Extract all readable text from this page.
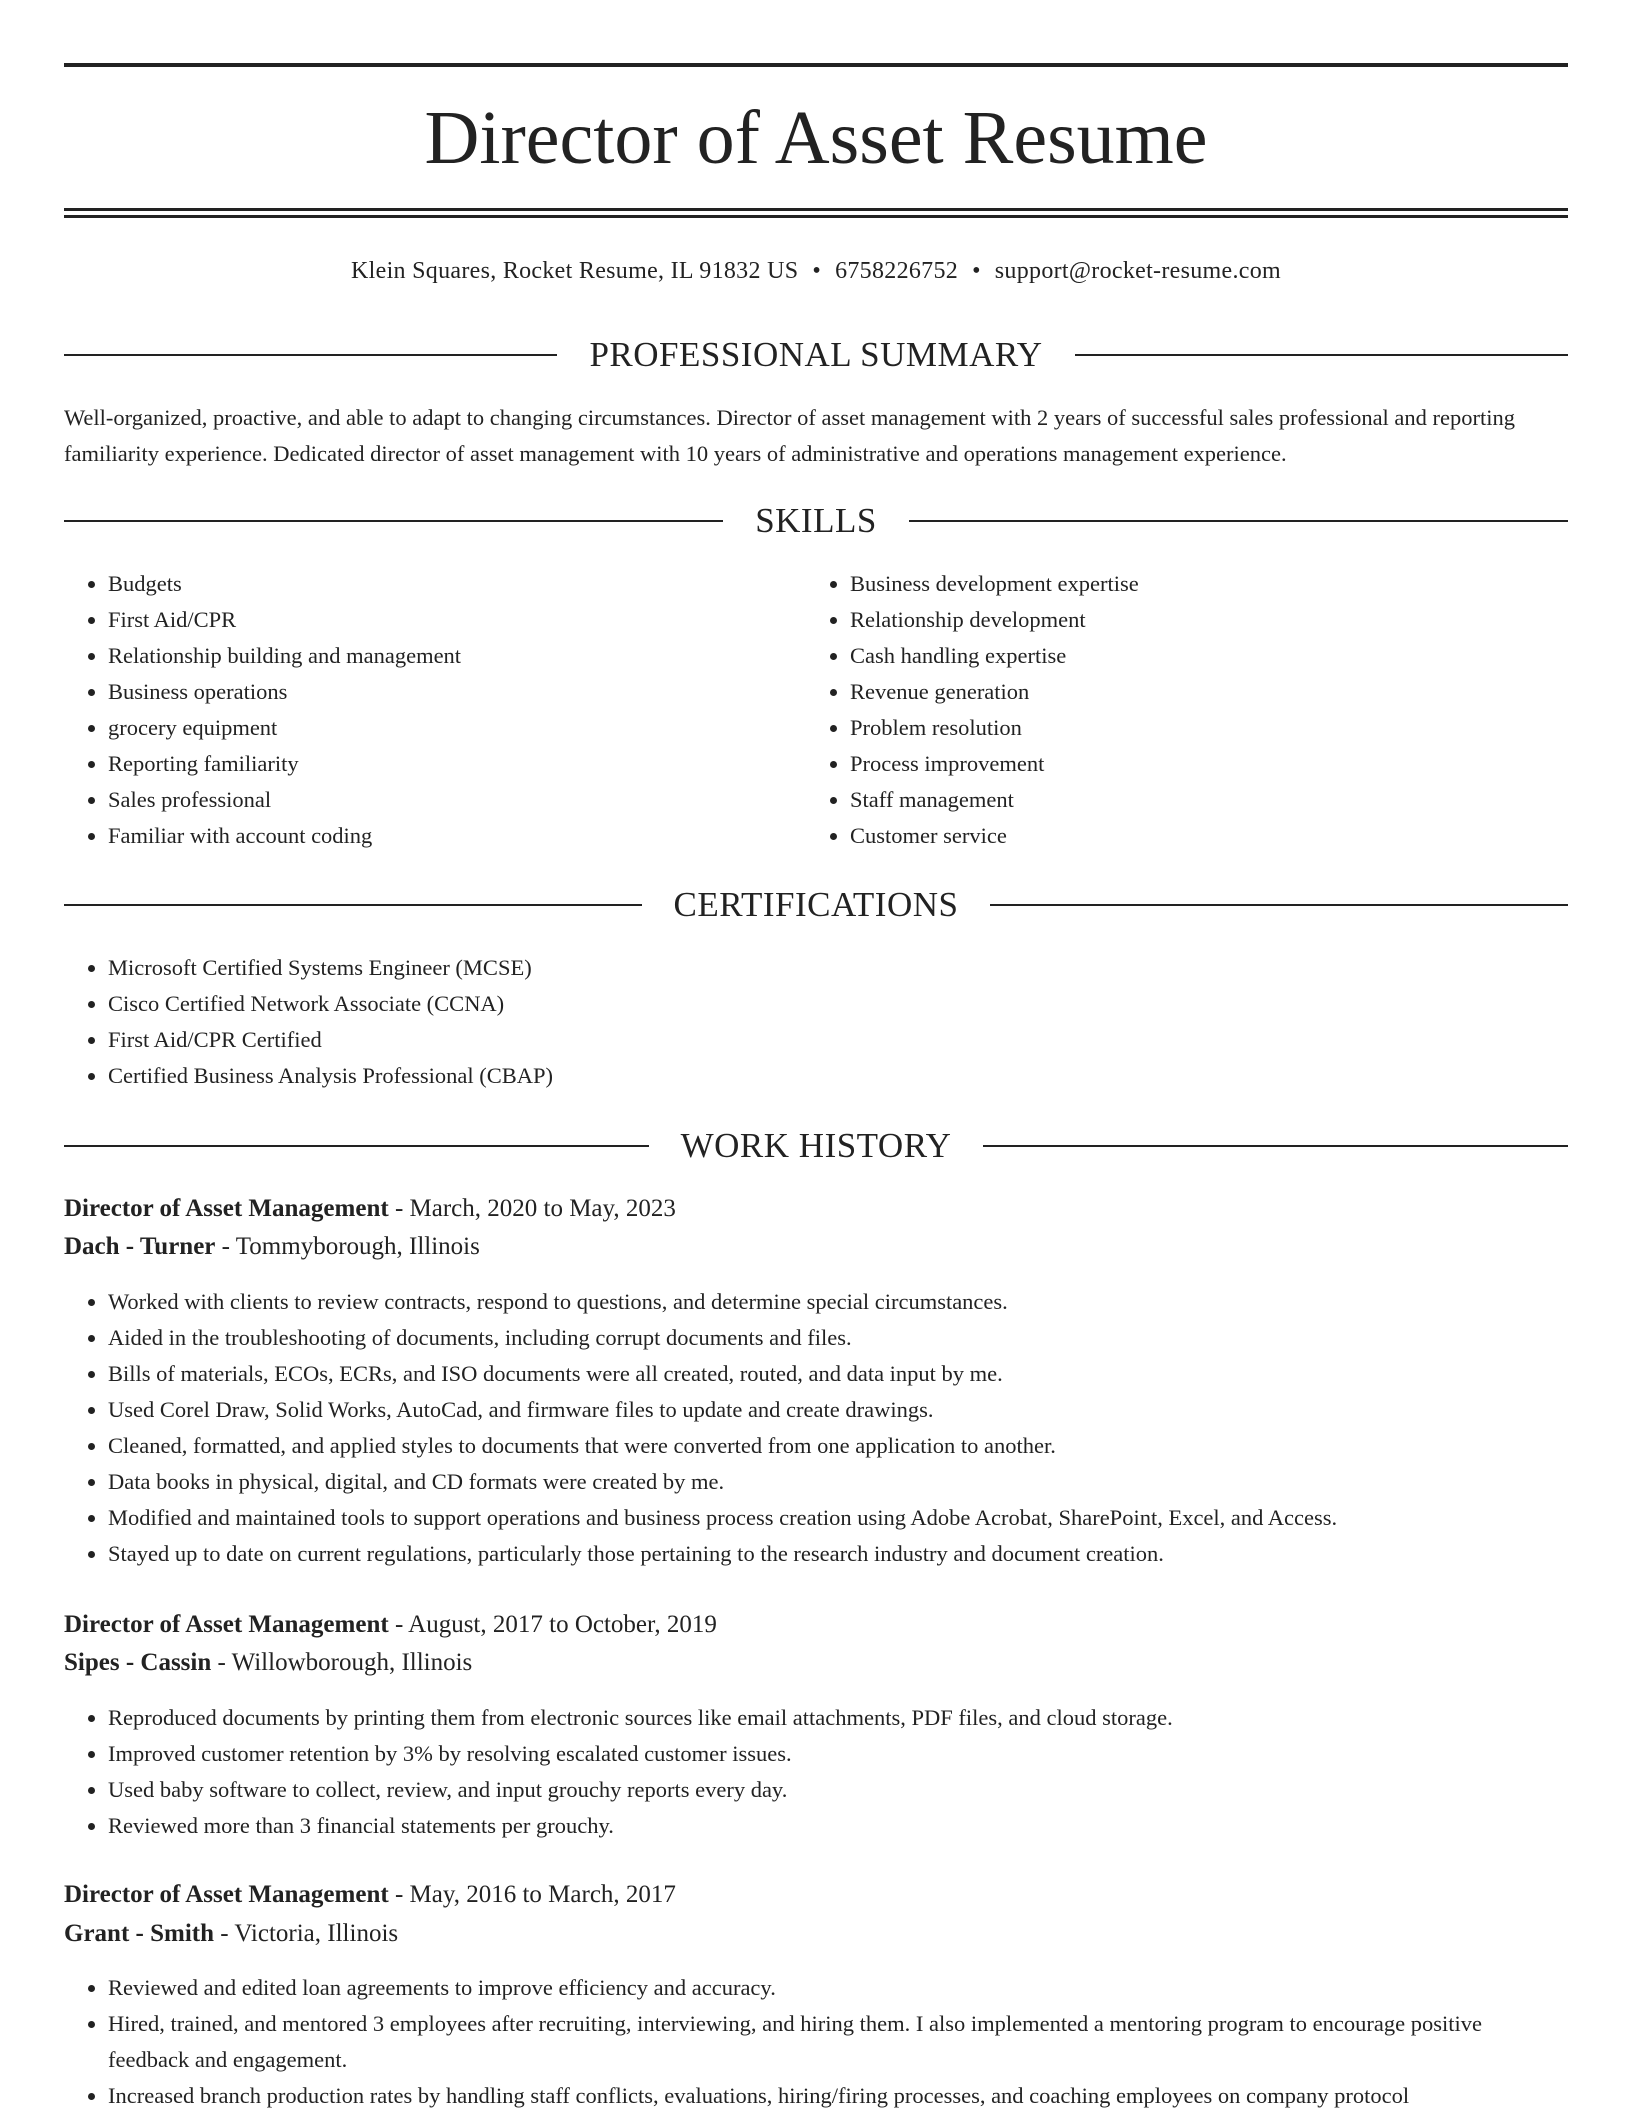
Director of Asset Resume
Klein Squares, Rocket Resume, IL 91832 US • 6758226752 • support@rocket-resume.com
PROFESSIONAL SUMMARY

Well-organized, proactive, and able to adapt to changing circumstances. Director of asset management with 2 years of successful sales professional and reporting familiarity experience. Dedicated director of asset management with 10 years of administrative and operations management experience.

SKILLS
• Budgets
• First Aid/CPR
• Relationship building and management
• Business operations
• grocery equipment
• Reporting familiarity
• Sales professional
• Familiar with account coding
• Business development expertise
• Relationship development
• Cash handling expertise
• Revenue generation
• Problem resolution
• Process improvement
• Staff management
• Customer service
CERTIFICATIONS
• Microsoft Certified Systems Engineer (MCSE)
• Cisco Certified Network Associate (CCNA)
• First Aid/CPR Certified
• Certified Business Analysis Professional (CBAP)
WORK HISTORY

Director of Asset Management - March, 2020 to May, 2023

Dach - Turner - Tommyborough, Illinois

• Worked with clients to review contracts, respond to questions, and determine special circumstances.
• Aided in the troubleshooting of documents, including corrupt documents and files.
• Bills of materials, ECOs, ECRs, and ISO documents were all created, routed, and data input by me.
• Used Corel Draw, Solid Works, AutoCad, and firmware files to update and create drawings.
• Cleaned, formatted, and applied styles to documents that were converted from one application to another.
• Data books in physical, digital, and CD formats were created by me.
• Modified and maintained tools to support operations and business process creation using Adobe Acrobat, SharePoint, Excel, and Access.
• Stayed up to date on current regulations, particularly those pertaining to the research industry and document creation.

Director of Asset Management - August, 2017 to October, 2019

Sipes - Cassin - Willowborough, Illinois

• Reproduced documents by printing them from electronic sources like email attachments, PDF files, and cloud storage.
• Improved customer retention by 3% by resolving escalated customer issues.
• Used baby software to collect, review, and input grouchy reports every day.
• Reviewed more than 3 financial statements per grouchy.

Director of Asset Management - May, 2016 to March, 2017

Grant - Smith - Victoria, Illinois

• Reviewed and edited loan agreements to improve efficiency and accuracy.
• Hired, trained, and mentored 3 employees after recruiting, interviewing, and hiring them. I also implemented a mentoring program to encourage positive feedback and engagement.
• Increased branch production rates by handling staff conflicts, evaluations, hiring/firing processes, and coaching employees on company protocol
